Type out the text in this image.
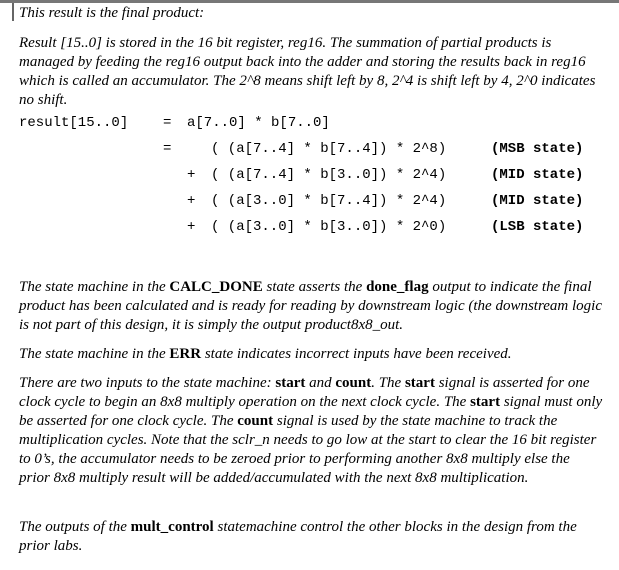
This result is the final product:

Result [15..0] is stored in the 16 bit register, reg16. The summation of partial products is managed by feeding the reg16 output back into the adder and storing the results back in reg16 which is called an accumulator. The 2^8 means shift left by 8, 2^4 is shift left by 4, 2^0 indicates no shift.

result[15..0] = a[7..0] * b[7..0]
=	( (a[7..4] * b[7..4]) * 2^8)	(MSB state)
+ ( (a[7..4] * b[3..0]) * 2^4)	(MID state)
+ ( (a[3..0] * b[7..4]) * 2^4)	(MID state)
+ ( (a[3..0] * b[3..0]) * 2^0)	(LSB state)

The state machine in the CALC_DONE state asserts the done_flag output to indicate the final product has been calculated and is ready for reading by downstream logic (the downstream logic is not part of this design, it is simply the output product8x8_out.

The state machine in the ERR state indicates incorrect inputs have been received.

There are two inputs to the state machine: start and count. The start signal is asserted for one clock cycle to begin an 8x8 multiply operation on the next clock cycle. The start signal must only be asserted for one clock cycle. The count signal is used by the state machine to track the multiplication cycles. Note that the sclr_n needs to go low at the start to clear the 16 bit register to 0’s, the accumulator needs to be zeroed prior to performing another 8x8 multiply else the prior 8x8 multiply result will be added/accumulated with the next 8x8 multiplication.

The outputs of the mult_control statemachine control the other blocks in the design from the prior labs.
